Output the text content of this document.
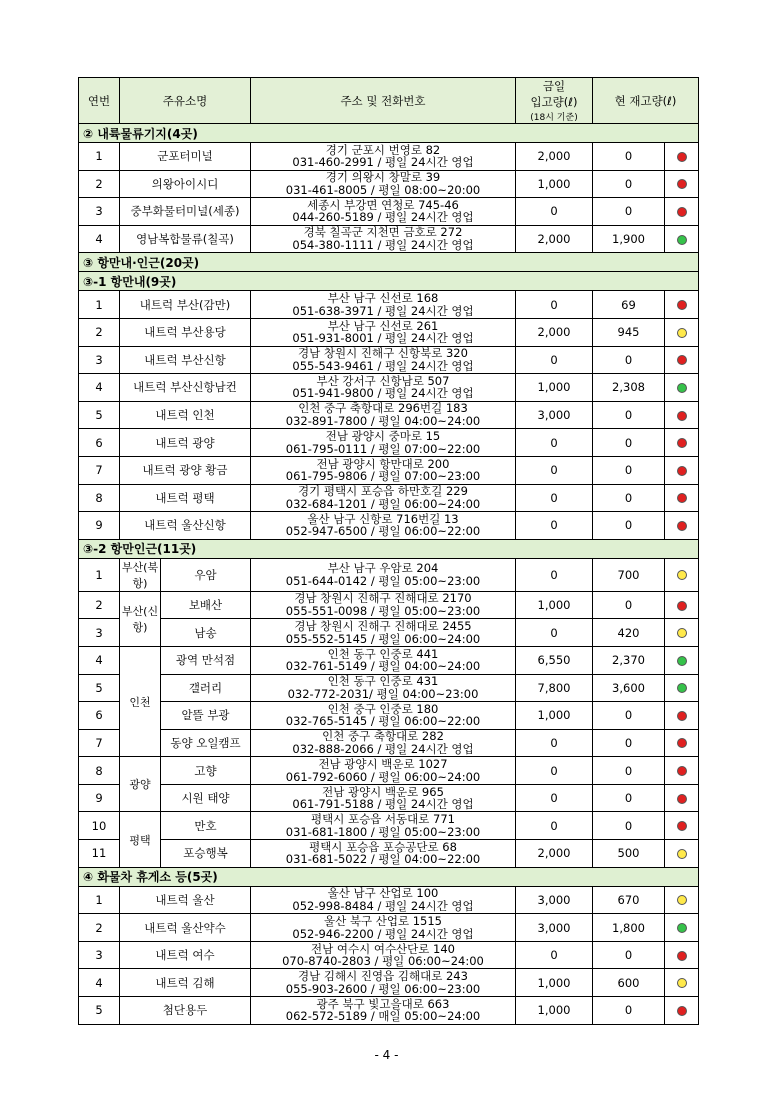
연번	주유소명		주소 및 전화번호	금일
입고량(ℓ)
(18시 기준)	현 재고량(ℓ)	
② 내륙물류기지(4곳)						
1	군포터미널		경기 군포시 번영로 82
031-460-2991 / 평일 24시간 영업	2,000	0	
2	의왕아이시디		경기 의왕시 창말로 39
031-461-8005 / 평일 08:00~20:00	1,000	0	
3	중부화물터미널(세종)		세종시 부강면 연청로 745-46
044-260-5189 / 평일 24시간 영업	0	0	
4	영남복합물류(칠곡)		경북 칠곡군 지천면 금호로 272
054-380-1111 / 평일 24시간 영업	2,000	1,900	
③ 항만내·인근(20곳)						
③-1 항만내(9곳)						
1	내트럭 부산(감만)		부산 남구 신선로 168
051-638-3971 / 평일 24시간 영업	0	69	
2	내트럭 부산용당		부산 남구 신선로 261
051-931-8001 / 평일 24시간 영업	2,000	945	
3	내트럭 부산신항		경남 창원시 진해구 신항북로 320
055-543-9461 / 평일 24시간 영업	0	0	
4	내트럭 부산신항남컨		부산 강서구 신항남로 507
051-941-9800 / 평일 24시간 영업	1,000	2,308	
5	내트럭 인천		인천 중구 축항대로 296번길 183
032-891-7800 / 평일 04:00~24:00	3,000	0	
6	내트럭 광양		전남 광양시 중마로 15
061-795-0111 / 평일 07:00~22:00	0	0	
7	내트럭 광양 황금		전남 광양시 항만대로 200
061-795-9806 / 평일 07:00~23:00	0	0	
8	내트럭 평택		경기 평택시 포승읍 하만호길 229
032-684-1201 / 평일 06:00~24:00	0	0	
9	내트럭 울산신항		울산 남구 신항로 716번길 13
052-947-6500 / 평일 06:00~22:00	0	0	
③-2 항만인근(11곳)						
1	부산(북항)	우암	부산 남구 우암로 204
051-644-0142 / 평일 05:00~23:00	0	700	
2	부산(신항)	보배산	경남 창원시 진해구 진해대로 2170
055-551-0098 / 평일 05:00~23:00	1,000	0	
3		남송	경남 창원시 진해구 진해대로 2455
055-552-5145 / 평일 06:00~24:00	0	420	
4	인천	광역 만석점	인천 동구 인중로 441
032-761-5149 / 평일 04:00~24:00	6,550	2,370	
5		갤러리	인천 동구 인중로 431
032-772-2031/ 평일 04:00~23:00	7,800	3,600	
6		알뜰 부광	인천 중구 인중로 180
032-765-5145 / 평일 06:00~22:00	1,000	0	
7		동양 오일캠프	인천 중구 축항대로 282
032-888-2066 / 평일 24시간 영업	0	0	
8	광양	고향	전남 광양시 백운로 1027
061-792-6060 / 평일 06:00~24:00	0	0	
9		시원 태양	전남 광양시 백운로 965
061-791-5188 / 평일 24시간 영업	0	0	
10	평택	만호	평택시 포승읍 서동대로 771
031-681-1800 / 평일 05:00~23:00	0	0	
11		포승행복	평택시 포승읍 포승공단로 68
031-681-5022 / 평일 04:00~22:00	2,000	500	
④ 화물차 휴게소 등(5곳)						
1	내트럭 울산		울산 남구 산업로 100
052-998-8484 / 평일 24시간 영업	3,000	670	
2	내트럭 울산약수		울산 북구 산업로 1515
052-946-2200 / 평일 24시간 영업	3,000	1,800	
3	내트럭 여수		전남 여수시 여수산단로 140
070-8740-2803 / 평일 06:00~24:00	0	0	
4	내트럭 김해		경남 김해시 진영읍 김해대로 243
055-903-2600 / 평일 06:00~23:00	1,000	600	
5	첨단용두		광주 북구 빛고을대로 663
062-572-5189 / 매일 05:00~24:00	1,000	0	
- 4 -
